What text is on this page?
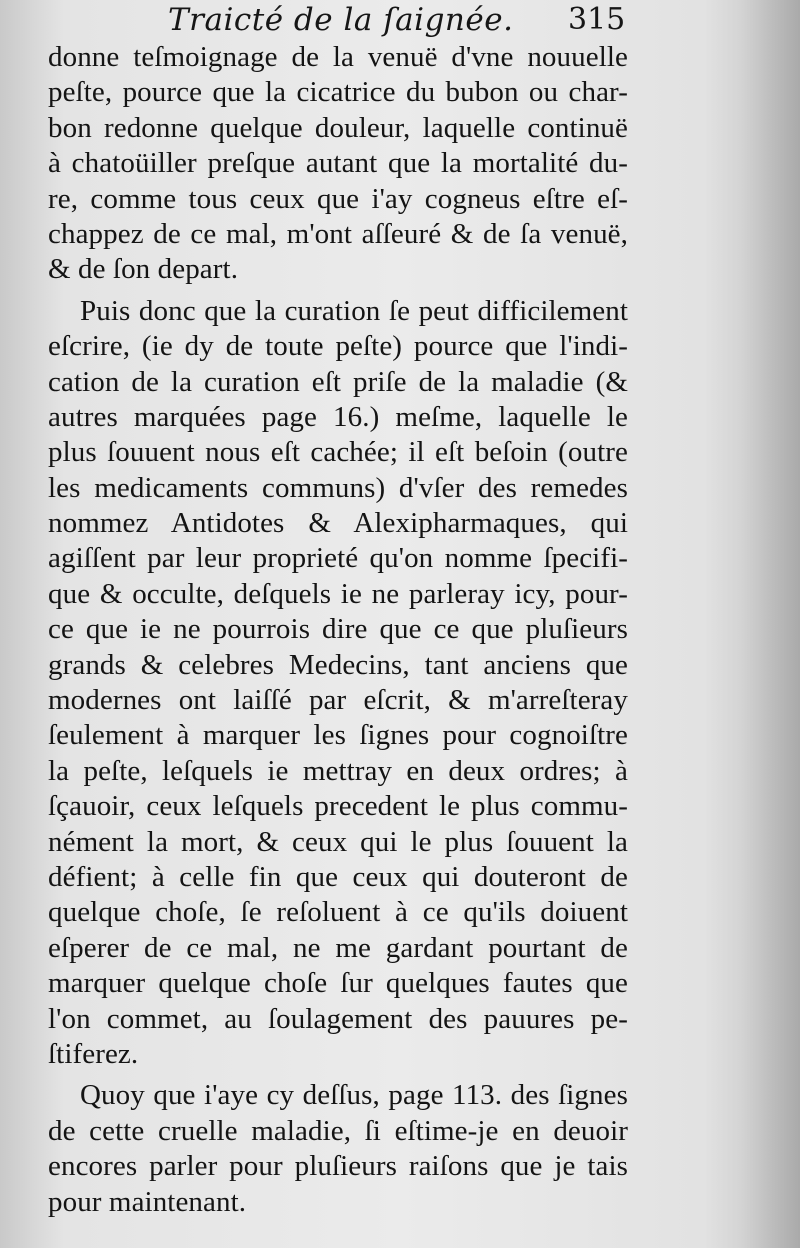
Traicté de la ſaignée. 315
donne teſmoignage de la venuë d'vne nouuelle
peſte, pource que la cicatrice du bubon ou char-
bon redonne quelque douleur, laquelle continuë
à chatoüiller preſque autant que la mortalité du-
re, comme tous ceux que i'ay cogneus eſtre eſ-
chappez de ce mal, m'ont aſſeuré & de ſa venuë,
& de ſon depart.
Puis donc que la curation ſe peut difficilement
eſcrire, (ie dy de toute peſte) pource que l'indi-
cation de la curation eſt priſe de la maladie (&
autres marquées page 16.) meſme, laquelle le
plus ſouuent nous eſt cachée; il eſt beſoin (outre
les medicaments communs) d'vſer des remedes
nommez Antidotes & Alexipharmaques, qui
agiſſent par leur proprieté qu'on nomme ſpecifi-
que & occulte, deſquels ie ne parleray icy, pour-
ce que ie ne pourrois dire que ce que pluſieurs
grands & celebres Medecins, tant anciens que
modernes ont laiſſé par eſcrit, & m'arreſteray
ſeulement à marquer les ſignes pour cognoiſtre
la peſte, leſquels ie mettray en deux ordres; à
ſçauoir, ceux leſquels precedent le plus commu-
nément la mort, & ceux qui le plus ſouuent la
défient; à celle fin que ceux qui douteront de
quelque choſe, ſe reſoluent à ce qu'ils doiuent
eſperer de ce mal, ne me gardant pourtant de
marquer quelque choſe ſur quelques fautes que
l'on commet, au ſoulagement des pauures pe-
ſtiferez.
Quoy que i'aye cy deſſus, page 113. des ſignes
de cette cruelle maladie, ſi eſtime-je en deuoir
encores parler pour pluſieurs raiſons que je tais
pour maintenant.
